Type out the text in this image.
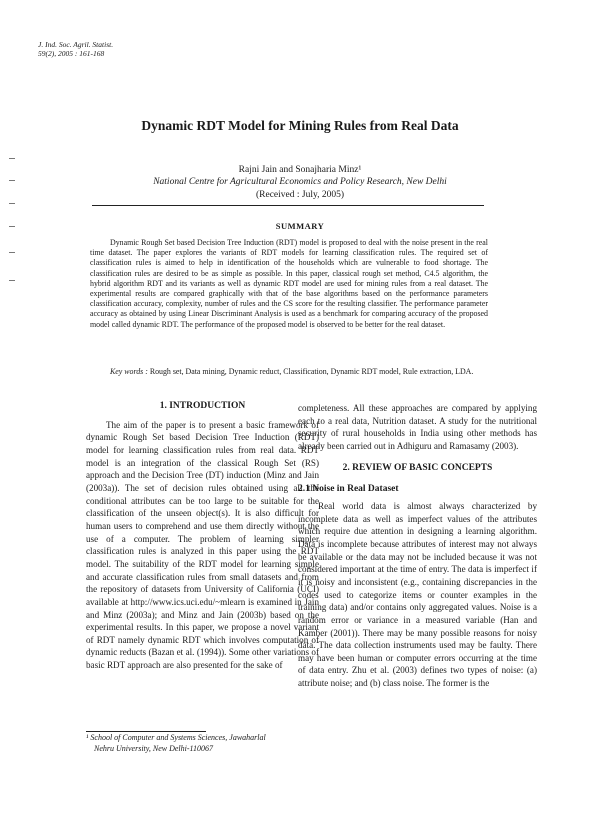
J. Ind. Soc. Agril. Statist.
59(2), 2005 : 161-168
Dynamic RDT Model for Mining Rules from Real Data
Rajni Jain and Sonajharia Minz¹
National Centre for Agricultural Economics and Policy Research, New Delhi
(Received : July, 2005)
SUMMARY
Dynamic Rough Set based Decision Tree Induction (RDT) model is proposed to deal with the noise present in the real time dataset. The paper explores the variants of RDT models for learning classification rules. The required set of classification rules is aimed to help in identification of the households which are vulnerable to food shortage. The classification rules are desired to be as simple as possible. In this paper, classical rough set method, C4.5 algorithm, the hybrid algorithm RDT and its variants as well as dynamic RDT model are used for mining rules from a real dataset. The experimental results are compared graphically with that of the base algorithms based on the performance parameters classification accuracy, complexity, number of rules and the CS score for the resulting classifier. The performance parameter accuracy as obtained by using Linear Discriminant Analysis is used as a benchmark for comparing accuracy of the proposed model called dynamic RDT. The performance of the proposed model is observed to be better for the real dataset.
Key words : Rough set, Data mining, Dynamic reduct, Classification, Dynamic RDT model, Rule extraction, LDA.
1. INTRODUCTION

The aim of the paper is to present a basic framework of dynamic Rough Set based Decision Tree Induction (RDT) model for learning classification rules from real data. RDT model is an integration of the classical Rough Set (RS) approach and the Decision Tree (DT) induction (Minz and Jain (2003a)). The set of decision rules obtained using all the conditional attributes can be too large to be suitable for the classification of the unseen object(s). It is also difficult for human users to comprehend and use them directly without the use of a computer. The problem of learning simpler classification rules is analyzed in this paper using the RDT model. The suitability of the RDT model for learning simple and accurate classification rules from small datasets and from the repository of datasets from University of California (UCI) available at http://www.ics.uci.edu/~mlearn is examined in Jain and Minz (2003a); and Minz and Jain (2003b) based on the experimental results. In this paper, we propose a novel variant of RDT namely dynamic RDT which involves computation of dynamic reducts (Bazan et al. (1994)). Some other variations of basic RDT approach are also presented for the sake of

completeness. All these approaches are compared by applying each to a real data, Nutrition dataset. A study for the nutritional security of rural households in India using other methods has already been carried out in Adhiguru and Ramasamy (2003).

2. REVIEW OF BASIC CONCEPTS
2.1 Noise in Real Dataset

Real world data is almost always characterized by incomplete data as well as imperfect values of the attributes which require due attention in designing a learning algorithm. Data is incomplete because attributes of interest may not always be available or the data may not be included because it was not considered important at the time of entry. The data is imperfect if it is noisy and inconsistent (e.g., containing discrepancies in the codes used to categorize items or counter examples in the training data) and/or contains only aggregated values. Noise is a random error or variance in a measured variable (Han and Kamber (2001)). There may be many possible reasons for noisy data. The data collection instruments used may be faulty. There may have been human or computer errors occurring at the time of data entry. Zhu et al. (2003) defines two types of noise: (a) attribute noise; and (b) class noise. The former is the

¹ School of Computer and Systems Sciences, Jawaharlal
Nehru University, New Delhi-110067
